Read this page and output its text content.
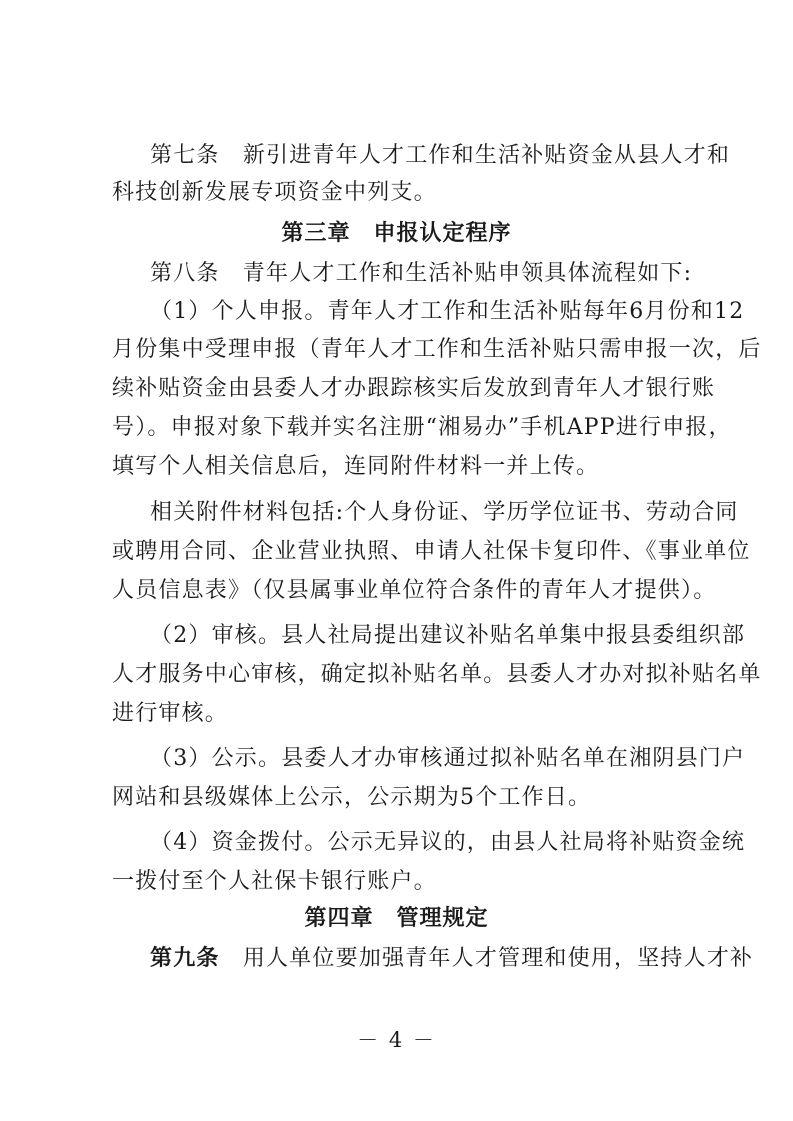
第七条　 新引进青年人才工作和生活补贴资金从县人才和
科技创新发展专项资金中列支。
第三章　申报认定程序
第八条　青年人才工作和生活补贴申领具体流程如下:
（1）个人申报。青年人才工作和生活补贴每年6月份和12
月份集中受理申报（青年人才工作和生活补贴只需申报一次，后
续补贴资金由县委人才办跟踪核实后发放到青年人才银行账
号）。申报对象下载并实名注册“湘易办”手机APP进行申报，
填写个人相关信息后，连同附件材料一并上传。
相关附件材料包括:个人身份证、学历学位证书、劳动合同
或聘用合同、企业营业执照、申请人社保卡复印件、《事业单位
人员信息表》（仅县属事业单位符合条件的青年人才提供）。
（2）审核。县人社局提出建议补贴名单集中报县委组织部
人才服务中心审核，确定拟补贴名单。县委人才办对拟补贴名单
进行审核。
（3）公示。县委人才办审核通过拟补贴名单在湘阴县门户
网站和县级媒体上公示，公示期为5个工作日。
（4）资金拨付。公示无异议的，由县人社局将补贴资金统
一拨付至个人社保卡银行账户。
第四章　管理规定
第九条　 用人单位要加强青年人才管理和使用，坚持人才补
－ 4 －
